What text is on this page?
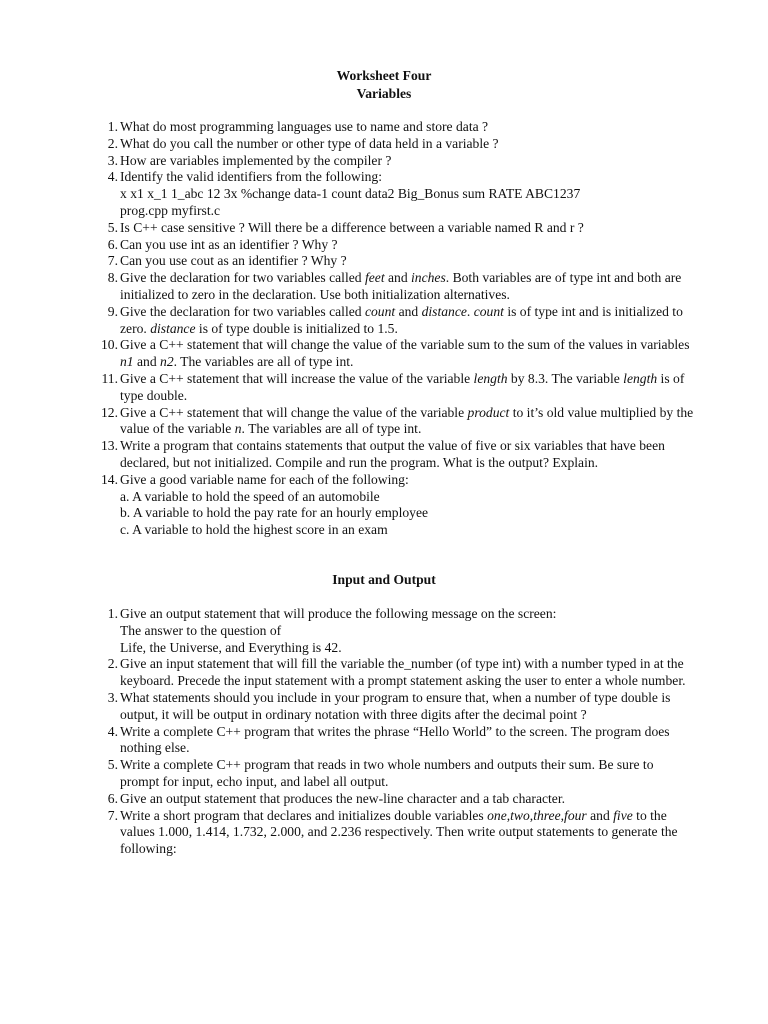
Worksheet Four
Variables
1. What do most programming languages use to name and store data ?
2. What do you call the number or other type of data held in a variable ?
3. How are variables implemented by the compiler ?
4. Identify the valid identifiers from the following:
x x1 x_1 1_abc 12 3x %change data-1 count data2 Big_Bonus sum RATE ABC1237
prog.cpp myfirst.c
5. Is C++ case sensitive ? Will there be a difference between a variable named R and r ?
6. Can you use int as an identifier ? Why ?
7. Can you use cout as an identifier ? Why ?
8. Give the declaration for two variables called feet and inches. Both variables are of type int and both are initialized to zero in the declaration. Use both initialization alternatives.
9. Give the declaration for two variables called count and distance. count is of type int and is initialized to zero. distance is of type double is initialized to 1.5.
10. Give a C++ statement that will change the value of the variable sum to the sum of the values in variables n1 and n2. The variables are all of type int.
11. Give a C++ statement that will increase the value of the variable length by 8.3. The variable length is of type double.
12. Give a C++ statement that will change the value of the variable product to it’s old value multiplied by the value of the variable n. The variables are all of type int.
13. Write a program that contains statements that output the value of five or six variables that have been declared, but not initialized. Compile and run the program. What is the output? Explain.
14. Give a good variable name for each of the following:
a. A variable to hold the speed of an automobile
b. A variable to hold the pay rate for an hourly employee
c. A variable to hold the highest score in an exam
Input and Output
1. Give an output statement that will produce the following message on the screen:
The answer to the question of
Life, the Universe, and Everything is 42.
2. Give an input statement that will fill the variable the_number (of type int) with a number typed in at the keyboard. Precede the input statement with a prompt statement asking the user to enter a whole number.
3. What statements should you include in your program to ensure that, when a number of type double is output, it will be output in ordinary notation with three digits after the decimal point ?
4. Write a complete C++ program that writes the phrase “Hello World” to the screen. The program does nothing else.
5. Write a complete C++ program that reads in two whole numbers and outputs their sum. Be sure to prompt for input, echo input, and label all output.
6. Give an output statement that produces the new-line character and a tab character.
7. Write a short program that declares and initializes double variables one,two,three,four and five to the values 1.000, 1.414, 1.732, 2.000, and 2.236 respectively. Then write output statements to generate the following:
